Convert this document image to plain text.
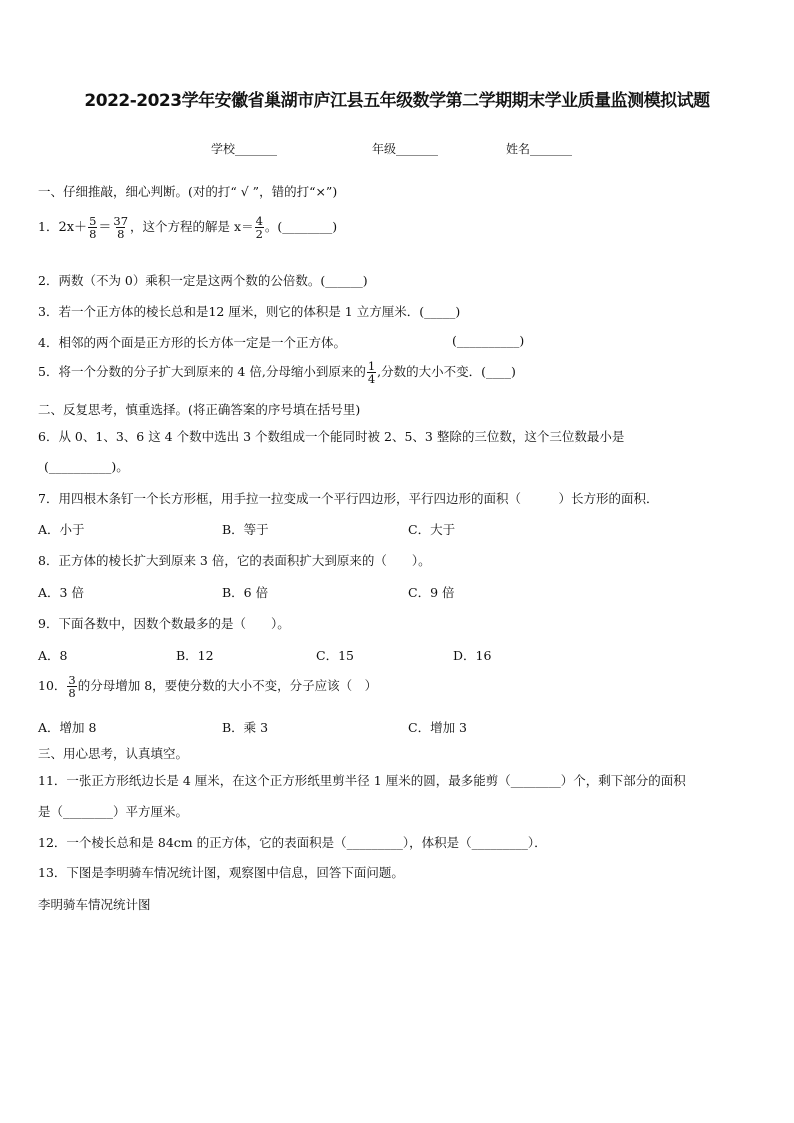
2022-2023学年安徽省巢湖市庐江县五年级数学第二学期期末学业质量监测模拟试题
学校_______	年级_______	姓名_______
一、仔细推敲，细心判断。(对的打“ √ ”，错的打“×”)
1．$2x+ \frac{5}{8} = \frac{37}{8}$ ，这个方程的解是 $x= \frac{4}{2}$ 。(________)
2．两数（不为 0）乘积一定是这两个数的公倍数。(______)
3．若一个正方体的棱长总和是12 厘米，则它的体积是 1 立方厘米．(_____)
4．相邻的两个面是正方形的长方体一定是一个正方体。	(__________)
5．将一个分数的分子扩大到原来的 4 倍,分母缩小到原来的 $\frac{1}{4}$ ,分数的大小不变．(____)
二、反复思考，慎重选择。(将正确答案的序号填在括号里)
6．从 0、1、3、6 这 4 个数中选出 3 个数组成一个能同时被 2、5、3 整除的三位数，这个三位数最小是
(__________)。
7．用四根木条钉一个长方形框，用手拉一拉变成一个平行四边形，平行四边形的面积（　　　）长方形的面积．
A．小于	B．等于	C．大于
8．正方体的棱长扩大到原来 3 倍，它的表面积扩大到原来的（　　）。
A．3 倍	B．6 倍	C．9 倍
9．下面各数中，因数个数最多的是（　　）。
A．8	B．12	C．15	D．16
10． $\frac{3}{8}$ 的分母增加 8，要使分数的大小不变，分子应该（　）
A．增加 8	B．乘 3	C．增加 3
三、用心思考，认真填空。
11．一张正方形纸边长是 4 厘米，在这个正方形纸里剪半径 1 厘米的圆，最多能剪（________）个，剩下部分的面积
是（________）平方厘米。
12．一个棱长总和是 84cm 的正方体，它的表面积是（_________），体积是（_________）．
13．下图是李明骑车情况统计图，观察图中信息，回答下面问题。
李明骑车情况统计图
